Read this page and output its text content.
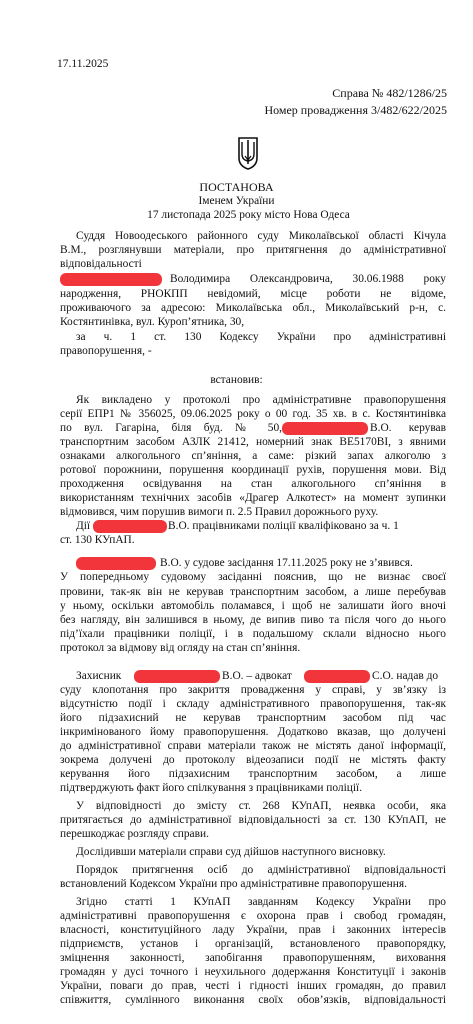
17.11.2025
Справа № 482/1286/25
Номер провадження 3/482/622/2025
ПОСТАНОВА
Іменем України
17 листопада 2025 року місто Нова Одеса
Суддя Новоодеського районного суду Миколаївської області Кічула
В.М., розглянувши матеріали, про притягнення до адміністративної
відповідальності
Володимира Олександровича, 30.06.1988 року
народження, РНОКПП невідомий, місце роботи не відоме,
проживаючого за адресою: Миколаївська обл., Миколаївський р-н, с.
Костянтинівка, вул. Куроп’ятника, 30,
за ч. 1 ст. 130 Кодексу України про адміністративні
правопорушення, -
встановив:
Як викладено у протоколі про адміністративне правопорушення
серії ЕПР1 № 356025, 09.06.2025 року о 00 год. 35 хв. в с. Костянтинівка
по вул. Гагаріна, біля буд. № 50,	В.О. керував
транспортним засобом АЗЛК 21412, номерний знак ВЕ5170ВІ, з явними
ознаками алкогольного сп’яніння, а саме: різкий запах алкоголю з
ротової порожнини, порушення координації рухів, порушення мови. Від
проходження освідування на стан алкогольного сп’яніння в
використанням технічних засобів «Драгер Алкотест» на момент зупинки
відмовився, чим порушив вимоги п. 2.5 Правил дорожнього руху.
Дії	В.О. працівниками поліції кваліфіковано за ч. 1
ст. 130 КУпАП.
В.О. у судове засідання 17.11.2025 року не з’явився.
У попередньому судовому засіданні пояснив, що не визнає своєї
провини, так-як він не керував транспортним засобом, а лише перебував
у ньому, оскільки автомобіль поламався, і щоб не залишати його вночі
без нагляду, він залишився в ньому, де випив пиво та після чого до нього
під’їхали працівники поліції, і в подальшому склали відносно нього
протокол за відмову від огляду на стан сп’яніння.
Захисник	В.О. – адвокат	С.О. надав до
суду клопотання про закриття провадження у справі, у зв’язку із
відсутністю події і складу адміністративного правопорушення, так-як
його підзахисний не керував транспортним засобом під час
інкримінованого йому правопорушення. Додатково вказав, що долучені
до адміністративної справи матеріали також не містять даної інформації,
зокрема долучені до протоколу відеозаписи події не містять факту
керування його підзахисним транспортним засобом, а лише
підтверджують факт його спілкування з працівниками поліції.
У відповідності до змісту ст. 268 КУпАП, неявка особи, яка
притягається до адміністративної відповідальності за ст. 130 КУпАП, не
перешкоджає розгляду справи.
Дослідивши матеріали справи суд дійшов наступного висновку.
Порядок притягнення осіб до адміністративної відповідальності
встановлений Кодексом України про адміністративне правопорушення.
Згідно статті 1 КУпАП завданням Кодексу України про
адміністративні правопорушення є охорона прав і свобод громадян,
власності, конституційного ладу України, прав і законних інтересів
підприємств, установ і організацій, встановленого правопорядку,
зміцнення законності, запобігання правопорушенням, виховання
громадян у дусі точного і неухильного додержання Конституції і законів
України, поваги до прав, честі і гідності інших громадян, до правил
співжиття, сумлінного виконання своїх обов’язків, відповідальності
